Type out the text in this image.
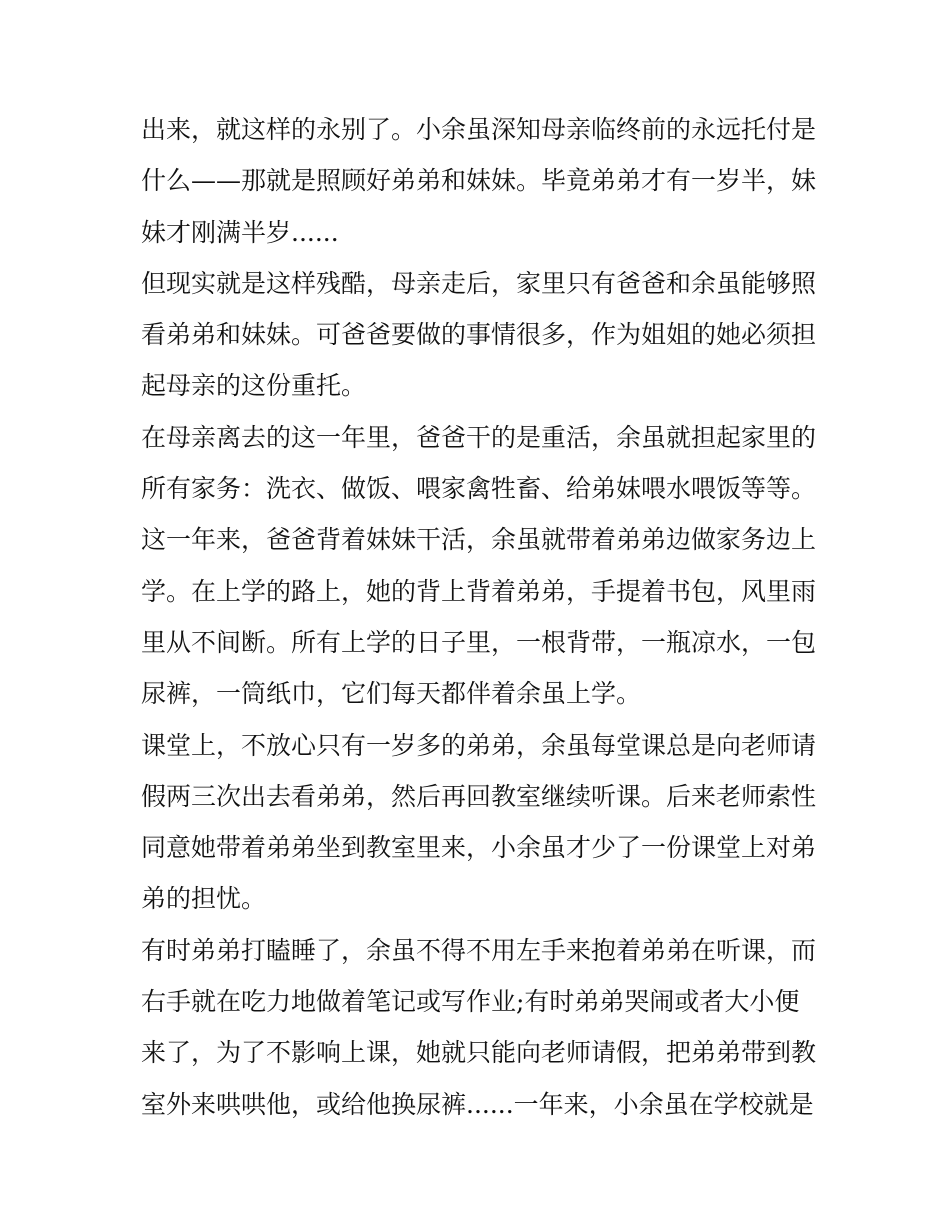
出来，就这样的永别了。小余虽深知母亲临终前的永远托付是
什么——那就是照顾好弟弟和妹妹。毕竟弟弟才有一岁半，妹
妹才刚满半岁......
但现实就是这样残酷，母亲走后，家里只有爸爸和余虽能够照
看弟弟和妹妹。可爸爸要做的事情很多，作为姐姐的她必须担
起母亲的这份重托。
在母亲离去的这一年里，爸爸干的是重活，余虽就担起家里的
所有家务：洗衣、做饭、喂家禽牲畜、给弟妹喂水喂饭等等。
这一年来，爸爸背着妹妹干活，余虽就带着弟弟边做家务边上
学。在上学的路上，她的背上背着弟弟，手提着书包，风里雨
里从不间断。所有上学的日子里，一根背带，一瓶凉水，一包
尿裤，一筒纸巾，它们每天都伴着余虽上学。
课堂上，不放心只有一岁多的弟弟，余虽每堂课总是向老师请
假两三次出去看弟弟，然后再回教室继续听课。后来老师索性
同意她带着弟弟坐到教室里来，小余虽才少了一份课堂上对弟
弟的担忧。
有时弟弟打瞌睡了，余虽不得不用左手来抱着弟弟在听课，而
右手就在吃力地做着笔记或写作业;有时弟弟哭闹或者大小便
来了，为了不影响上课，她就只能向老师请假，把弟弟带到教
室外来哄哄他，或给他换尿裤......一年来，小余虽在学校就是
